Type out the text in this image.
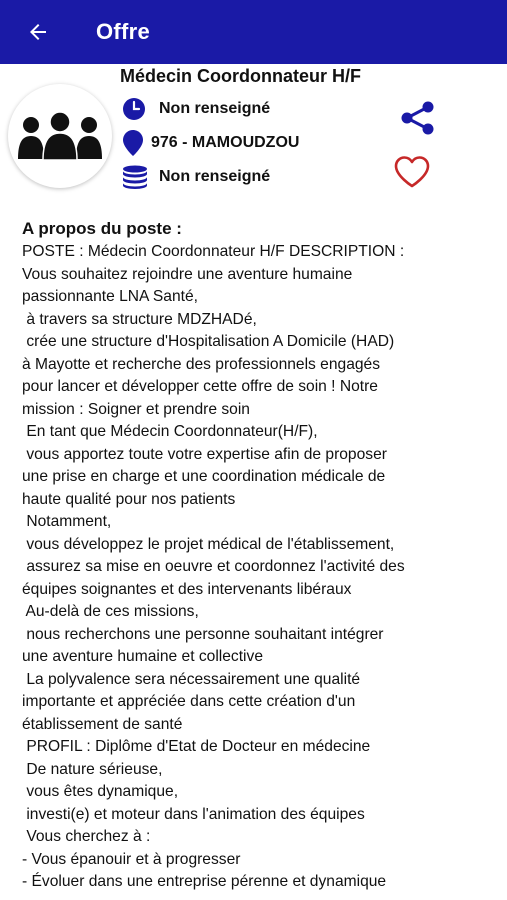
Offre
Médecin Coordonnateur H/F
Non renseigné
976 - MAMOUDZOU
Non renseigné
A propos du poste :
POSTE : Médecin Coordonnateur H/F DESCRIPTION :
Vous souhaitez rejoindre une aventure humaine
passionnante LNA Santé,
à travers sa structure MDZHADé,
crée une structure d'Hospitalisation A Domicile (HAD)
à Mayotte et recherche des professionnels engagés
pour lancer et développer cette offre de soin ! Notre
mission : Soigner et prendre soin
En tant que Médecin Coordonnateur(H/F),
vous apportez toute votre expertise afin de proposer
une prise en charge et une coordination médicale de
haute qualité pour nos patients
Notamment,
vous développez le projet médical de l'établissement,
assurez sa mise en oeuvre et coordonnez l'activité des
équipes soignantes et des intervenants libéraux
Au-delà de ces missions,
nous recherchons une personne souhaitant intégrer
une aventure humaine et collective
La polyvalence sera nécessairement une qualité
importante et appréciée dans cette création d'un
établissement de santé
PROFIL : Diplôme d'Etat de Docteur en médecine
De nature sérieuse,
vous êtes dynamique,
investi(e) et moteur dans l'animation des équipes
Vous cherchez à :
- Vous épanouir et à progresser
- Évoluer dans une entreprise pérenne et dynamique
